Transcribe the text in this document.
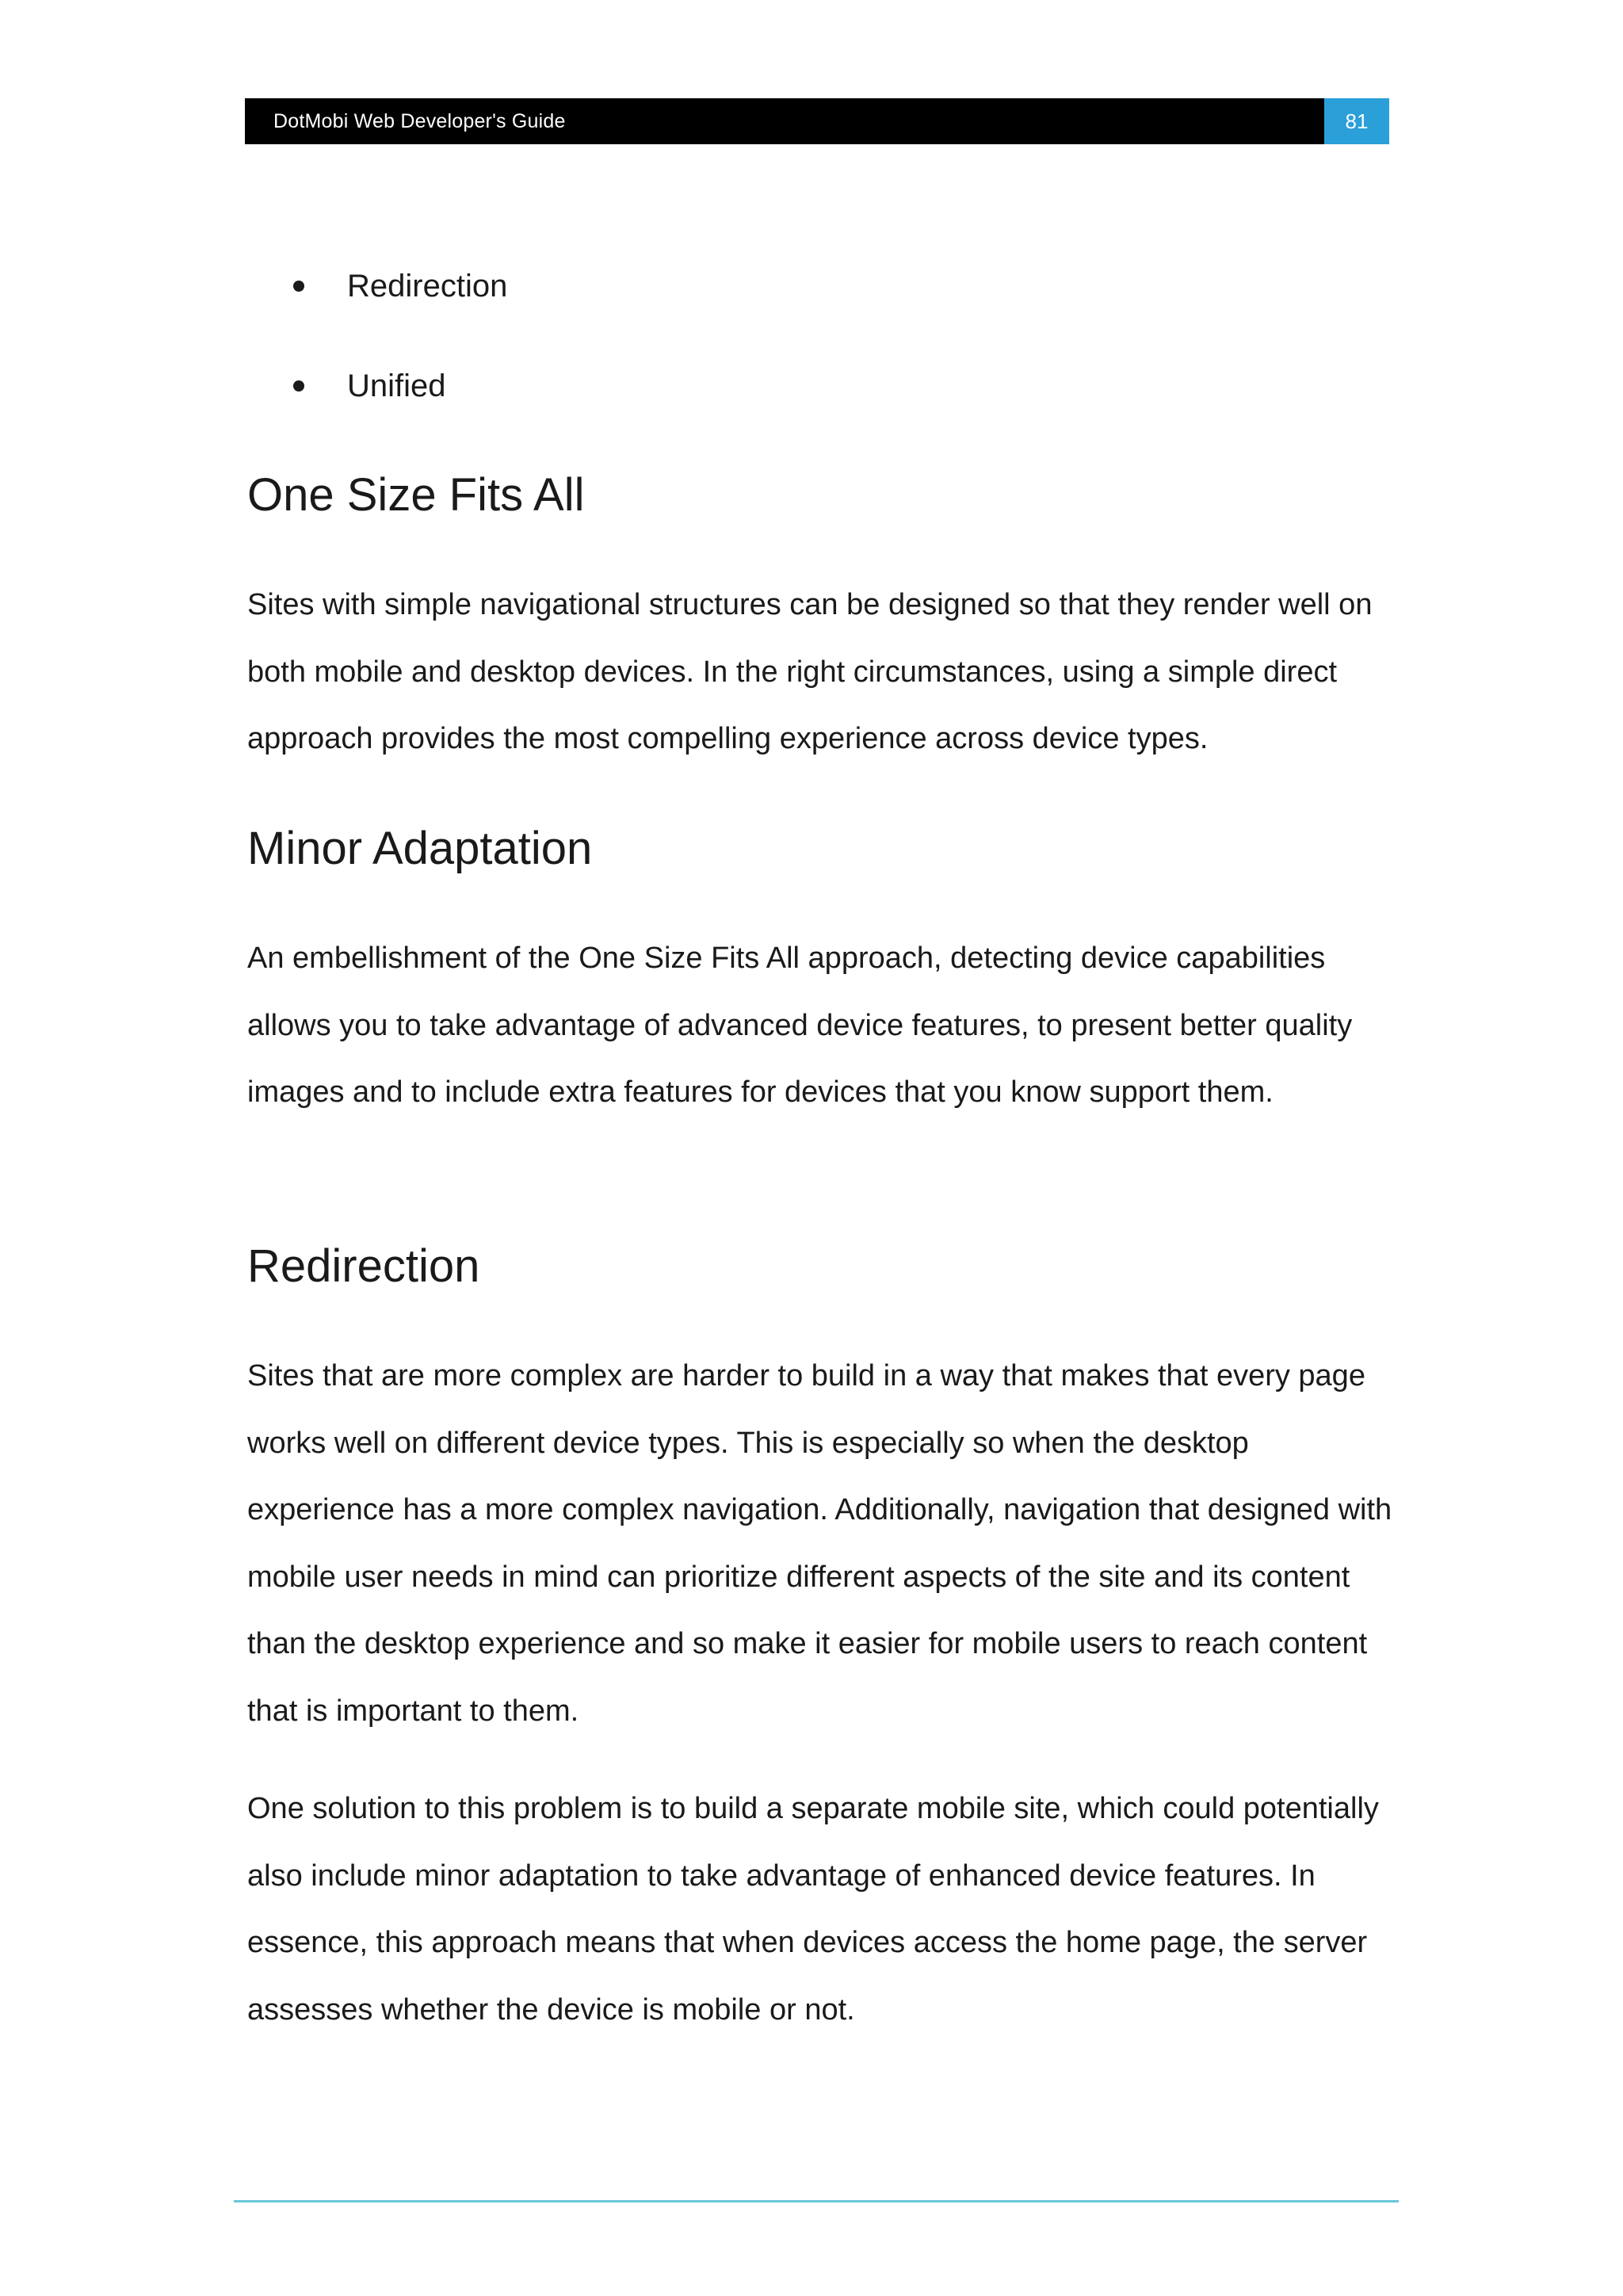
DotMobi Web Developer's Guide	81
Redirection
Unified
One Size Fits All

Sites with simple navigational structures can be designed so that they render well on both mobile and desktop devices. In the right circumstances, using a simple direct approach provides the most compelling experience across device types.

Minor Adaptation

An embellishment of the One Size Fits All approach, detecting device capabilities allows you to take advantage of advanced device features, to present better quality images and to include extra features for devices that you know support them.

Redirection

Sites that are more complex are harder to build in a way that makes that every page works well on different device types. This is especially so when the desktop experience has a more complex navigation. Additionally, navigation that designed with mobile user needs in mind can prioritize different aspects of the site and its content than the desktop experience and so make it easier for mobile users to reach content that is important to them.

One solution to this problem is to build a separate mobile site, which could potentially also include minor adaptation to take advantage of enhanced device features. In essence, this approach means that when devices access the home page, the server assesses whether the device is mobile or not.
